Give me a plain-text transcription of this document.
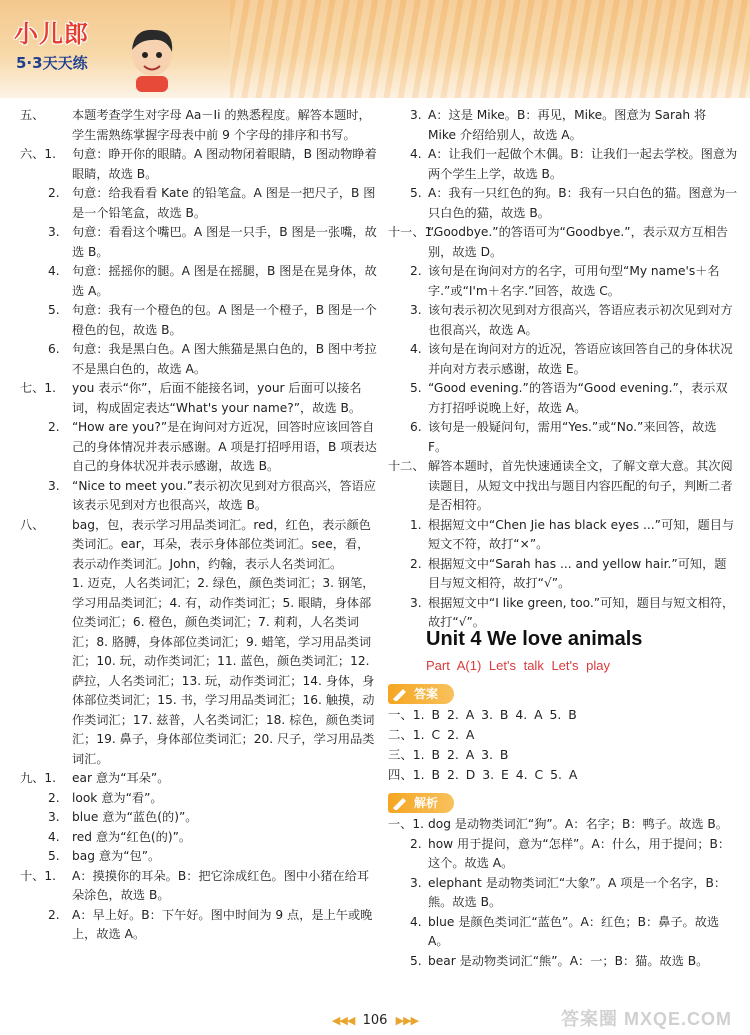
小儿郎
5·3天天练

五、 本题考查学生对字母 Aa－Ii 的熟悉程度。解答本题时，学生需熟练掌握字母表中前 9 个字母的排序和书写。

六、1. 句意：睁开你的眼睛。A 图动物闭着眼睛，B 图动物睁着眼睛，故选 B。

2. 句意：给我看看 Kate 的铅笔盒。A 图是一把尺子，B 图是一个铅笔盒，故选 B。

3. 句意：看看这个嘴巴。A 图是一只手，B 图是一张嘴，故选 B。

4. 句意：摇摇你的腿。A 图是在摇腿，B 图是在晃身体，故选 A。

5. 句意：我有一个橙色的包。A 图是一个橙子，B 图是一个橙色的包，故选 B。

6. 句意：我是黑白色。A 图大熊猫是黑白色的，B 图中考拉不是黑白色的，故选 A。

七、1. you 表示“你”，后面不能接名词，your 后面可以接名词，构成固定表达“What's your name?”，故选 B。

2. “How are you?”是在询问对方近况，回答时应该回答自己的身体情况并表示感谢。A 项是打招呼用语，B 项表达自己的身体状况并表示感谢，故选 B。

3. “Nice to meet you.”表示初次见到对方很高兴，答语应该表示见到对方也很高兴，故选 B。

八、 bag，包，表示学习用品类词汇。red，红色，表示颜色类词汇。ear，耳朵，表示身体部位类词汇。see，看，表示动作类词汇。John，约翰，表示人名类词汇。

1. 迈克，人名类词汇；2. 绿色，颜色类词汇；3. 钢笔，学习用品类词汇；4. 有，动作类词汇；5. 眼睛，身体部位类词汇；6. 橙色，颜色类词汇；7. 莉莉，人名类词汇；8. 胳膊，身体部位类词汇；9. 蜡笔，学习用品类词汇；10. 玩，动作类词汇；11. 蓝色，颜色类词汇；12. 萨拉，人名类词汇；13. 玩，动作类词汇；14. 身体，身体部位类词汇；15. 书，学习用品类词汇；16. 触摸，动作类词汇；17. 兹普，人名类词汇；18. 棕色，颜色类词汇；19. 鼻子，身体部位类词汇；20. 尺子，学习用品类词汇。

九、1. ear 意为“耳朵”。

2. look 意为“看”。

3. blue 意为“蓝色(的)”。

4. red 意为“红色(的)”。

5. bag 意为“包”。

十、1. A：摸摸你的耳朵。B：把它涂成红色。图中小猪在给耳朵涂色，故选 B。

2. A：早上好。B：下午好。图中时间为 9 点，是上午或晚上，故选 A。

3. A：这是 Mike。B：再见，Mike。图意为 Sarah 将 Mike 介绍给别人，故选 A。

4. A：让我们一起做个木偶。B：让我们一起去学校。图意为两个学生上学，故选 B。

5. A：我有一只红色的狗。B：我有一只白色的猫。图意为一只白色的猫，故选 B。

十一、1.
“Goodbye.”的答语可为“Goodbye.”，表示双方互相告别，故选 D。

2. 该句是在询问对方的名字，可用句型“My name's＋名字.”或“I'm＋名字.”回答，故选 C。

3. 该句表示初次见到对方很高兴，答语应表示初次见到对方也很高兴，故选 A。

4. 该句是在询问对方的近况，答语应该回答自己的身体状况并向对方表示感谢，故选 E。

5. “Good evening.”的答语为“Good evening.”，表示双方打招呼说晚上好，故选 A。

6. 该句是一般疑问句，需用“Yes.”或“No.”来回答，故选 F。

十二、 解答本题时，首先快速通读全文，了解文章大意。其次阅读题目，从短文中找出与题目内容匹配的句子，判断二者是否相符。

1. 根据短文中“Chen Jie has black eyes ...”可知，题目与短文不符，故打“×”。

2. 根据短文中“Sarah has ... and yellow hair.”可知，题目与短文相符，故打“√”。

3. 根据短文中“I like green, too.”可知，题目与短文相符，故打“√”。

Unit 4 We love animals
Part A(1) Let's talk Let's play
答案
一、1. B 2. A 3. B 4. A 5. B
二、1. C 2. A
三、1. B 2. A 3. B
四、1. B 2. D 3. E 4. C 5. A
解析

一、1. dog 是动物类词汇“狗”。A：名字；B：鸭子。故选 B。

2. how 用于提问，意为“怎样”。A：什么，用于提问；B：这个。故选 A。

3. elephant 是动物类词汇“大象”。A 项是一个名字，B：熊。故选 B。

4. blue 是颜色类词汇“蓝色”。A：红色；B：鼻子。故选 A。

5. bear 是动物类词汇“熊”。A：一；B：猫。故选 B。

◀◀◀ 106 ▶▶▶	答案圈 MXQE.COM
